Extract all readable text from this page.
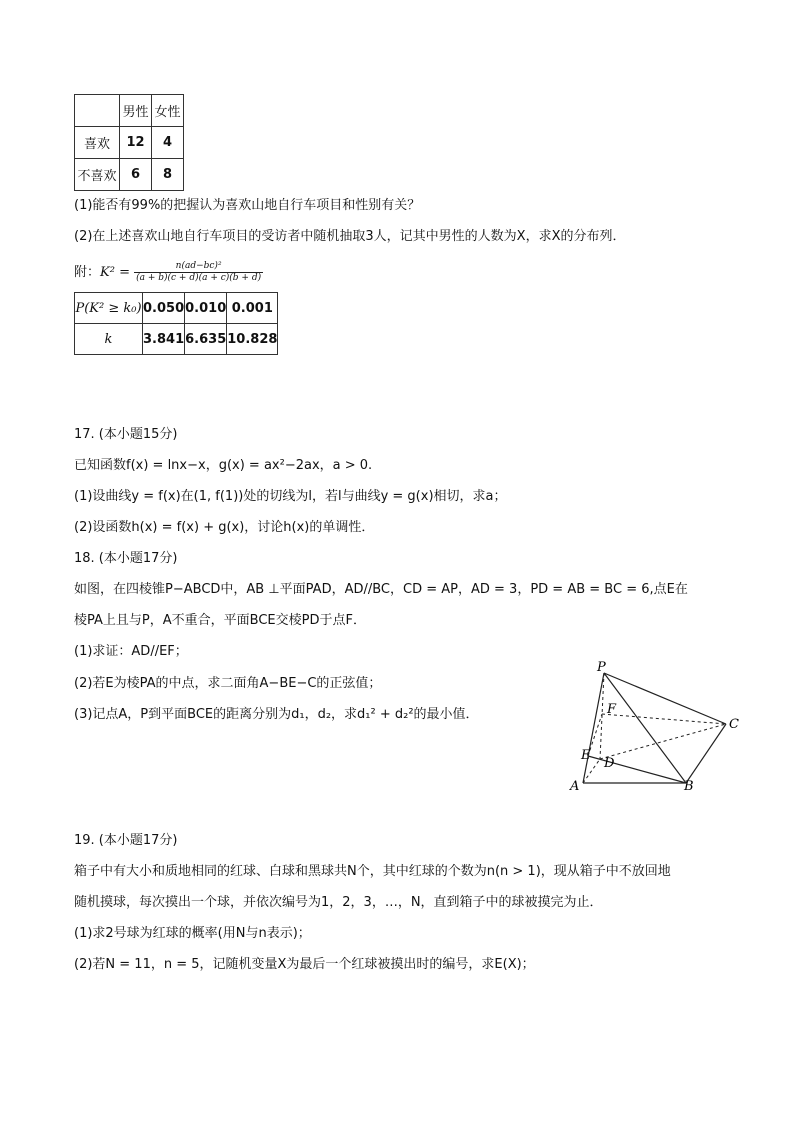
	男性	女性
喜欢	12	4
不喜欢	6	8
(1)能否有99%的把握认为喜欢山地自行车项目和性别有关？
(2)在上述喜欢山地自行车项目的受访者中随机抽取3人，记其中男性的人数为X，求X的分布列．
附：$K^2 = \frac{\text{n(ad−bc)²}}{(a + b)(c + d)(a + c)(b + d)}$
P(K² ≥ k₀)	0.050	0.010	0.001
k	3.841	6.635	10.828
17. (本小题15分)
已知函数f(x) = lnx−x，g(x) = ax²−2ax，a > 0.
(1)设曲线y = f(x)在(1, f(1))处的切线为l，若l与曲线y = g(x)相切，求a；
(2)设函数h(x) = f(x) + g(x)，讨论h(x)的单调性．
18. (本小题17分)
如图，在四棱锥P−ABCD中，AB ⊥平面PAD，AD//BC，CD = AP，AD = 3，PD = AB = BC = 6,点E在
棱PA上且与P，A不重合，平面BCE交棱PD于点F．
(1)求证：AD//EF；
(2)若E为棱PA的中点，求二面角A−BE−C的正弦值；
(3)记点A，P到平面BCE的距离分别为d₁，d₂，求d₁² + d₂²的最小值．
P
F
E
C
D
A	B
19. (本小题17分)
箱子中有大小和质地相同的红球、白球和黑球共N个，其中红球的个数为n(n > 1)，现从箱子中不放回地
随机摸球，每次摸出一个球，并依次编号为1，2，3，…，N，直到箱子中的球被摸完为止．
(1)求2号球为红球的概率(用N与n表示)；
(2)若N = 11，n = 5，记随机变量X为最后一个红球被摸出时的编号，求E(X)；
